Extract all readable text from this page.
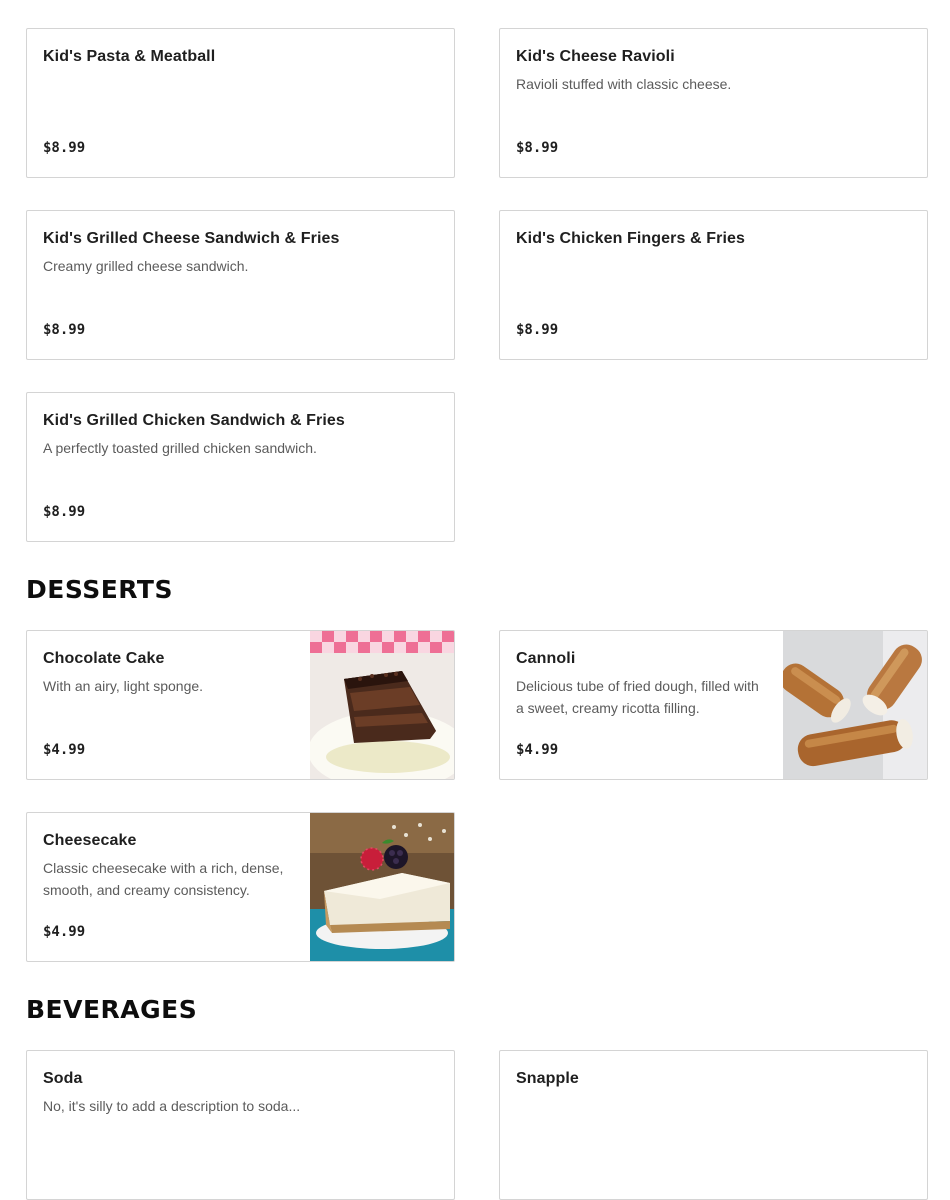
Kid's Pasta & Meatball
$8.99
Kid's Cheese Ravioli
Ravioli stuffed with classic cheese.
$8.99
Kid's Grilled Cheese Sandwich & Fries
Creamy grilled cheese sandwich.
$8.99
Kid's Chicken Fingers & Fries
$8.99
Kid's Grilled Chicken Sandwich & Fries
A perfectly toasted grilled chicken sandwich.
$8.99
DESSERTS
Chocolate Cake
With an airy, light sponge.
$4.99
Cannoli
Delicious tube of fried dough, filled with a sweet, creamy ricotta filling.
$4.99
Cheesecake
Classic cheesecake with a rich, dense, smooth, and creamy consistency.
$4.99
BEVERAGES
Soda
No, it's silly to add a description to soda...
Snapple
